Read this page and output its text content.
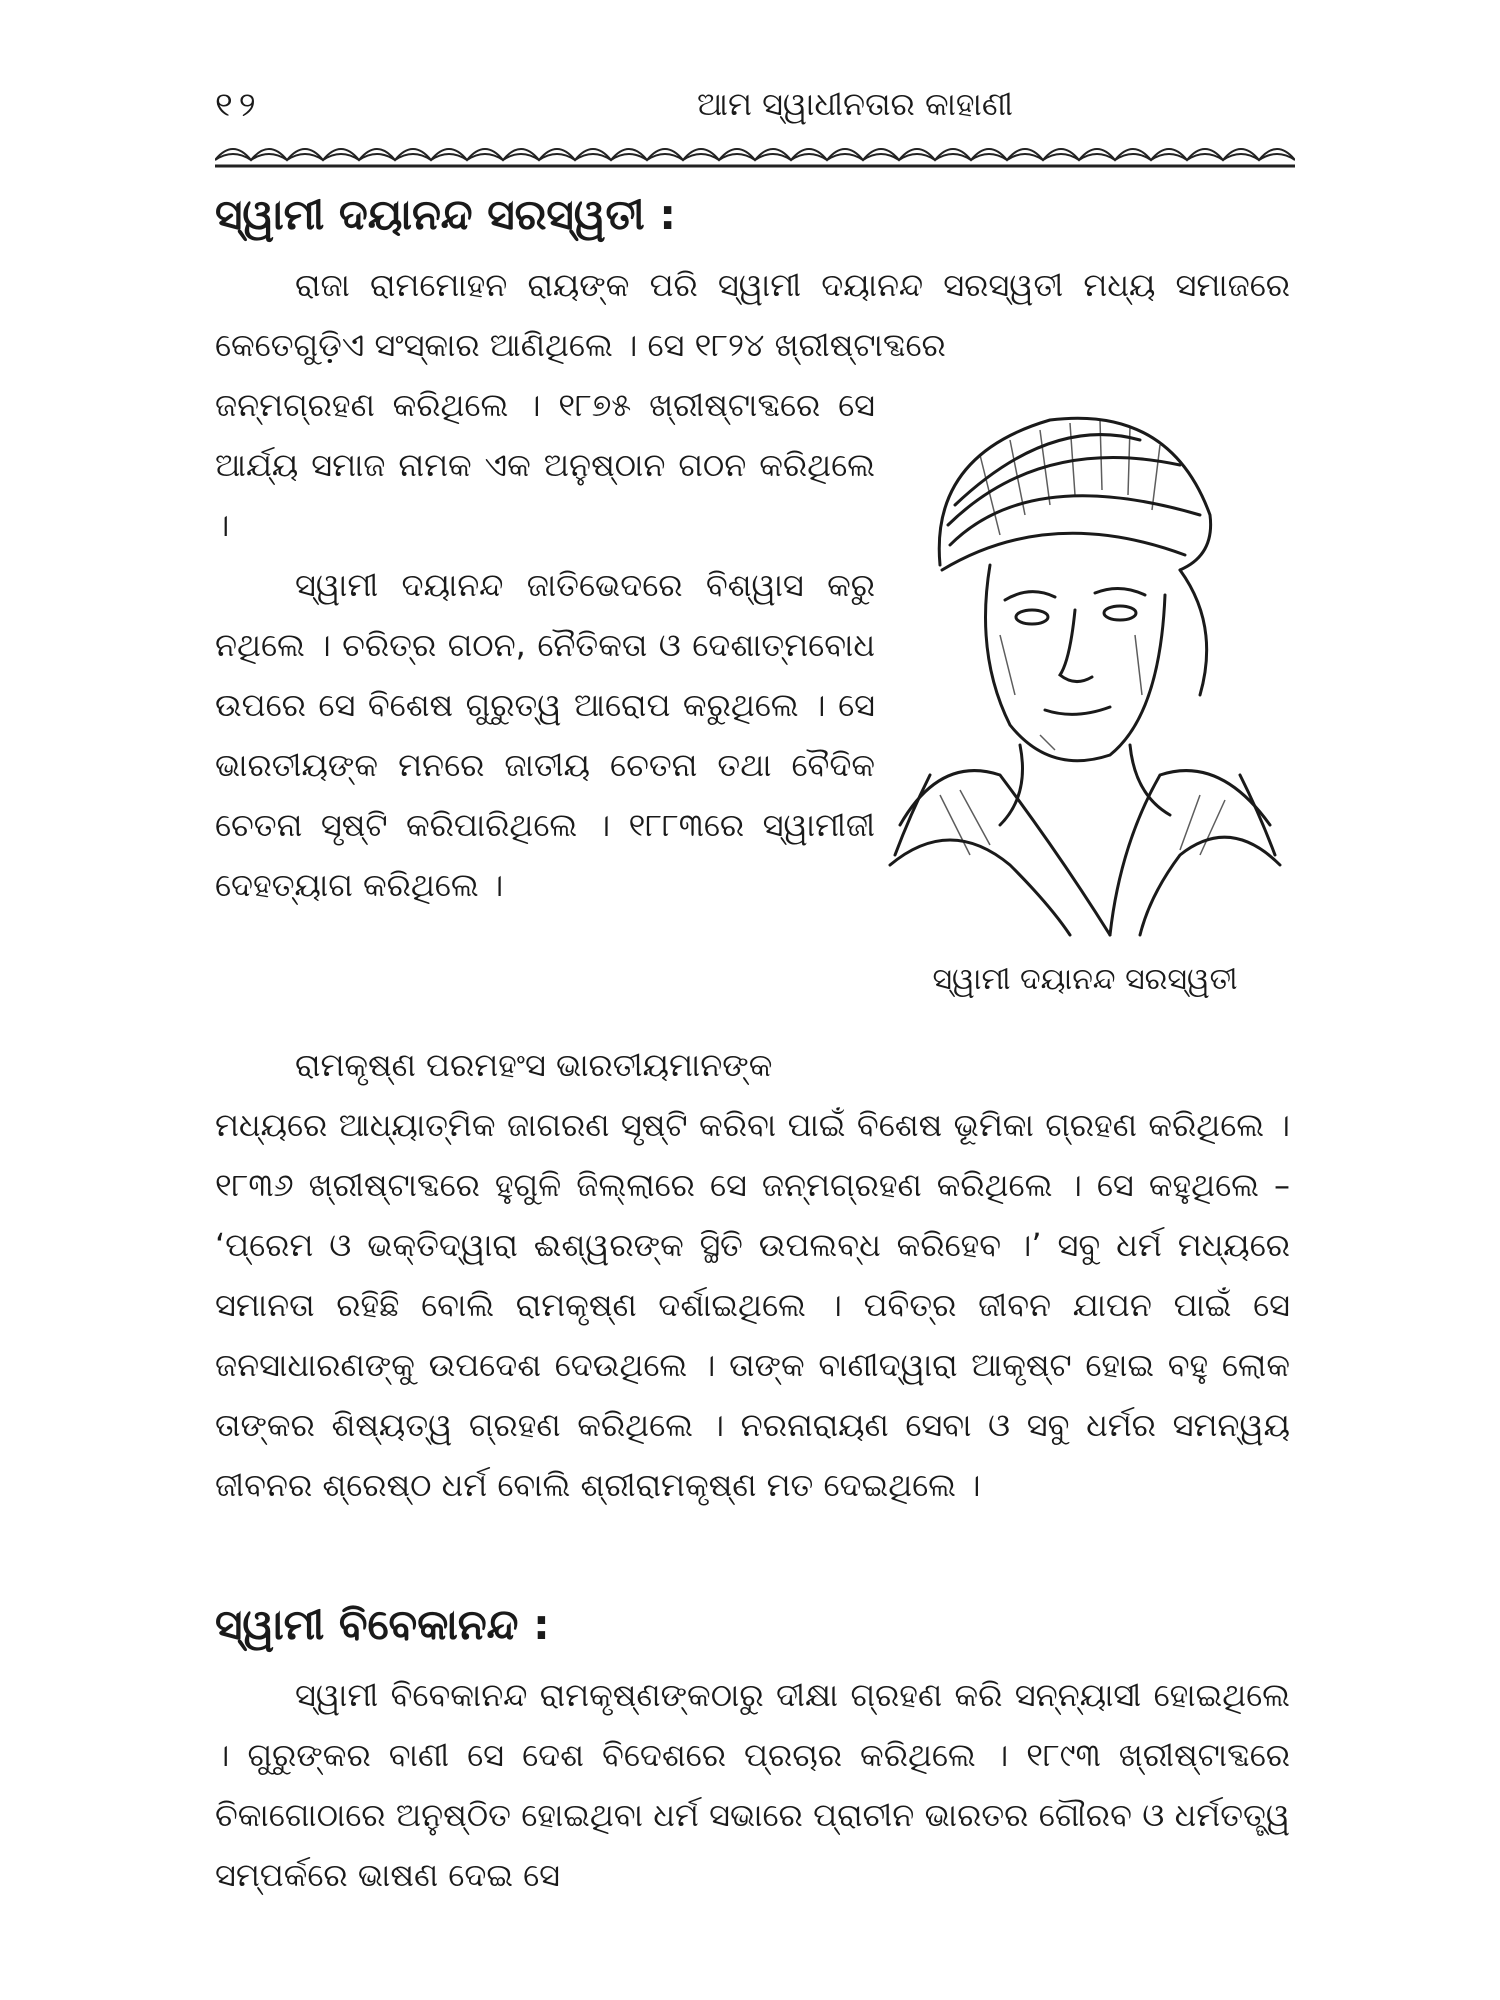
୧୨	ଆମ ସ୍ୱାଧୀନତାର କାହାଣୀ
ସ୍ୱାମୀ ଦୟାନନ୍ଦ ସରସ୍ୱତୀ :

ରାଜା ରାମମୋହନ ରାୟଙ୍କ ପରି ସ୍ୱାମୀ ଦୟାନନ୍ଦ ସରସ୍ୱତୀ ମଧ୍ୟ ସମାଜରେ କେତେଗୁଡ଼ିଏ ସଂସ୍କାର ଆଣିଥିଲେ । ସେ ୧୮୨୪ ଖ୍ରୀଷ୍ଟାବ୍ଦରେ

ଜନ୍ମଗ୍ରହଣ କରିଥିଲେ । ୧୮୭୫ ଖ୍ରୀଷ୍ଟାବ୍ଦରେ ସେ ଆର୍ଯ୍ୟ ସମାଜ ନାମକ ଏକ ଅନୁଷ୍ଠାନ ଗଠନ କରିଥିଲେ ।

ସ୍ୱାମୀ ଦୟାନନ୍ଦ ଜାତିଭେଦରେ ବିଶ୍ୱାସ କରୁ ନଥିଲେ । ଚରିତ୍ର ଗଠନ, ନୈତିକତା ଓ ଦେଶାତ୍ମବୋଧ ଉପରେ ସେ ବିଶେଷ ଗୁରୁତ୍ୱ ଆରୋପ କରୁଥିଲେ । ସେ ଭାରତୀୟଙ୍କ ମନରେ ଜାତୀୟ ଚେତନା ତଥା ବୈଦିକ ଚେତନା ସୃଷ୍ଟି କରିପାରିଥିଲେ । ୧୮୮୩ରେ ସ୍ୱାମୀଜୀ ଦେହତ୍ୟାଗ କରିଥିଲେ ।

ସ୍ୱାମୀ ଦୟାନନ୍ଦ ସରସ୍ୱତୀ

ରାମକୃଷ୍ଣ ପରମହଂସ ଭାରତୀୟମାନଙ୍କ

ମଧ୍ୟରେ ଆଧ୍ୟାତ୍ମିକ ଜାଗରଣ ସୃଷ୍ଟି କରିବା ପାଇଁ ବିଶେଷ ଭୂମିକା ଗ୍ରହଣ କରିଥିଲେ । ୧୮୩୬ ଖ୍ରୀଷ୍ଟାବ୍ଦରେ ହୁଗୁଳି ଜିଲ୍ଲାରେ ସେ ଜନ୍ମଗ୍ରହଣ କରିଥିଲେ । ସେ କହୁଥିଲେ – ‘ପ୍ରେମ ଓ ଭକ୍ତିଦ୍ୱାରା ଈଶ୍ୱରଙ୍କ ସ୍ଥିତି ଉପଲବ୍ଧ କରିହେବ ।’ ସବୁ ଧର୍ମ ମଧ୍ୟରେ ସମାନତା ରହିଛି ବୋଲି ରାମକୃଷ୍ଣ ଦର୍ଶାଇଥିଲେ । ପବିତ୍ର ଜୀବନ ଯାପନ ପାଇଁ ସେ ଜନସାଧାରଣଙ୍କୁ ଉପଦେଶ ଦେଉଥିଲେ । ତାଙ୍କ ବାଣୀଦ୍ୱାରା ଆକୃଷ୍ଟ ହୋଇ ବହୁ ଲୋକ ତାଙ୍କର ଶିଷ୍ୟତ୍ୱ ଗ୍ରହଣ କରିଥିଲେ । ନରନାରାୟଣ ସେବା ଓ ସବୁ ଧର୍ମର ସମନ୍ୱୟ ଜୀବନର ଶ୍ରେଷ୍ଠ ଧର୍ମ ବୋଲି ଶ୍ରୀରାମକୃଷ୍ଣ ମତ ଦେଇଥିଲେ ।

ସ୍ୱାମୀ ବିବେକାନନ୍ଦ :

ସ୍ୱାମୀ ବିବେକାନନ୍ଦ ରାମକୃଷ୍ଣଙ୍କଠାରୁ ଦୀକ୍ଷା ଗ୍ରହଣ କରି ସନ୍ନ୍ୟାସୀ ହୋଇଥିଲେ । ଗୁରୁଙ୍କର ବାଣୀ ସେ ଦେଶ ବିଦେଶରେ ପ୍ରଚାର କରିଥିଲେ । ୧୮୯୩ ଖ୍ରୀଷ୍ଟାବ୍ଦରେ ଚିକାଗୋଠାରେ ଅନୁଷ୍ଠିତ ହୋଇଥିବା ଧର୍ମ ସଭାରେ ପ୍ରାଚୀନ ଭାରତର ଗୌରବ ଓ ଧର୍ମତତ୍ତ୍ୱ ସମ୍ପର୍କରେ ଭାଷଣ ଦେଇ ସେ
